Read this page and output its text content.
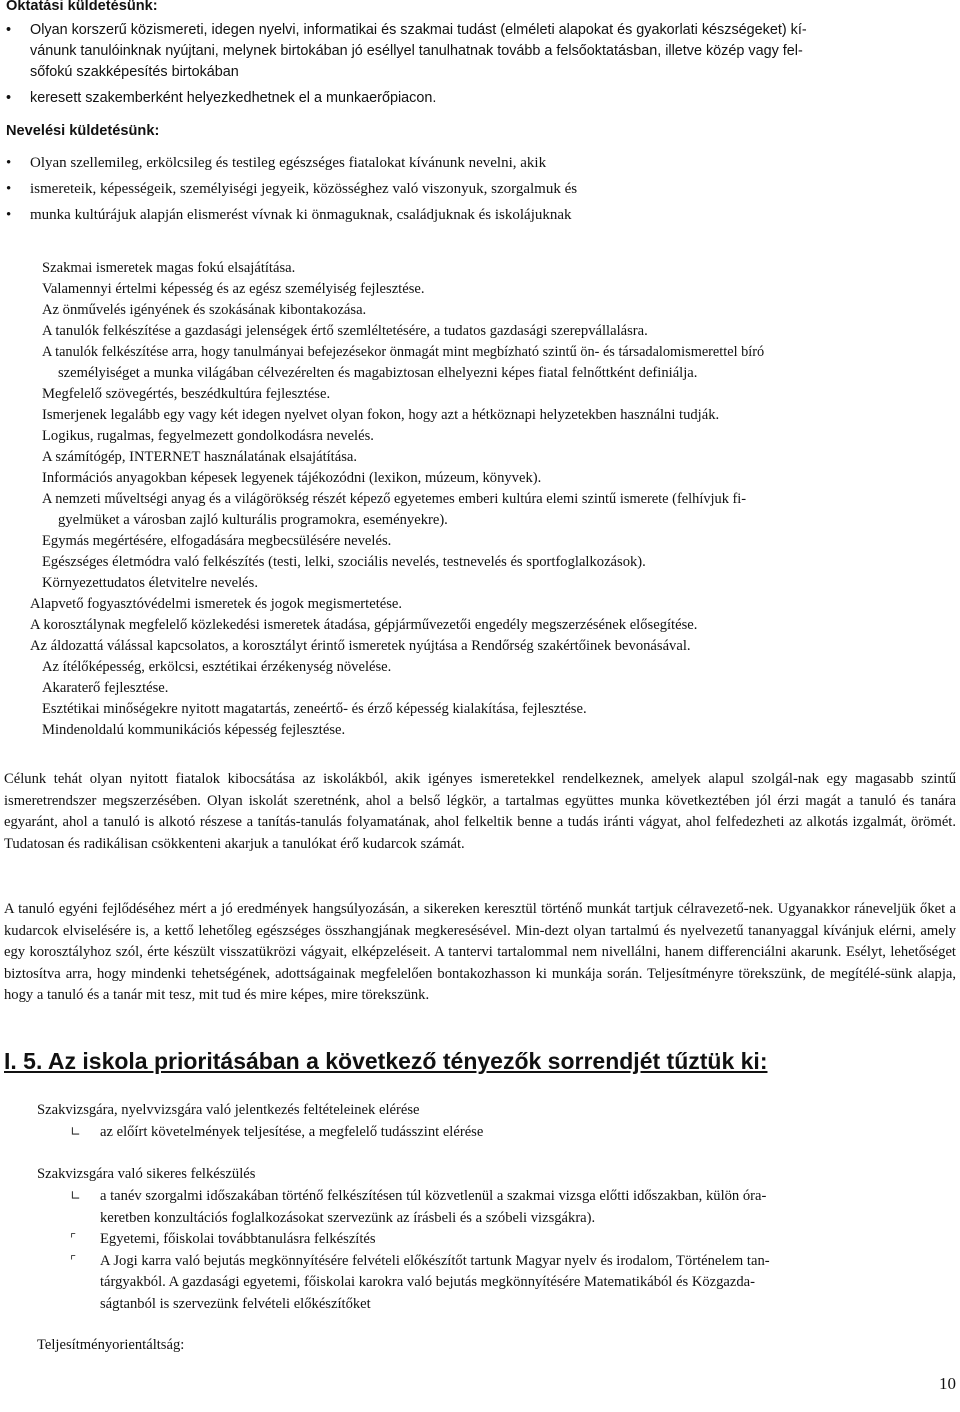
Oktatási küldetésünk:
• Olyan korszerű közismereti, idegen nyelvi, informatikai és szakmai tudást (elméleti alapokat és gyakorlati készségeket) kí-
vánunk tanulóinknak nyújtani, melynek birtokában jó eséllyel tanulhatnak tovább a felsőoktatásban, illetve közép vagy fel-
sőfokú szakképesítés birtokában
• keresett szakemberként helyezkedhetnek el a munkaerőpiacon.
Nevelési küldetésünk:
• Olyan szellemileg, erkölcsileg és testileg egészséges fiatalokat kívánunk nevelni, akik
• ismereteik, képességeik, személyiségi jegyeik, közösséghez való viszonyuk, szorgalmuk és
• munka kultúrájuk alapján elismerést vívnak ki önmaguknak, családjuknak és iskolájuknak
Szakmai ismeretek magas fokú elsajátítása.
Valamennyi értelmi képesség és az egész személyiség fejlesztése.
Az önművelés igényének és szokásának kibontakozása.
A tanulók felkészítése a gazdasági jelenségek értő szemléltetésére, a tudatos gazdasági szerepvállalásra.
A tanulók felkészítése arra, hogy tanulmányai befejezésekor önmagát mint megbízható szintű ön- és társadalomismerettel bíró
személyiséget a munka világában célvezérelten és magabiztosan elhelyezni képes fiatal felnőttként definiálja.
Megfelelő szövegértés, beszédkultúra fejlesztése.
Ismerjenek legalább egy vagy két idegen nyelvet olyan fokon, hogy azt a hétköznapi helyzetekben használni tudják.
Logikus, rugalmas, fegyelmezett gondolkodásra nevelés.
A számítógép, INTERNET használatának elsajátítása.
Információs anyagokban képesek legyenek tájékozódni (lexikon, múzeum, könyvek).
A nemzeti műveltségi anyag és a világörökség részét képező egyetemes emberi kultúra elemi szintű ismerete (felhívjuk fi-
gyelmüket a városban zajló kulturális programokra, eseményekre).
Egymás megértésére, elfogadására megbecsülésére nevelés.
Egészséges életmódra való felkészítés (testi, lelki, szociális nevelés, testnevelés és sportfoglalkozások).
Környezettudatos életvitelre nevelés.
Alapvető fogyasztóvédelmi ismeretek és jogok megismertetése.
A korosztálynak megfelelő közlekedési ismeretek átadása, gépjárművezetői engedély megszerzésének elősegítése.
Az áldozattá válással kapcsolatos, a korosztályt érintő ismeretek nyújtása a Rendőrség szakértőinek bevonásával.
Az ítélőképesség, erkölcsi, esztétikai érzékenység növelése.
Akaraterő fejlesztése.
Esztétikai minőségekre nyitott magatartás, zeneértő- és érző képesség kialakítása, fejlesztése.
Mindenoldalú kommunikációs képesség fejlesztése.

Célunk tehát olyan nyitott fiatalok kibocsátása az iskolákból, akik igényes ismeretekkel rendelkeznek, amelyek alapul szolgál-nak egy magasabb szintű ismeretrendszer megszerzésében. Olyan iskolát szeretnénk, ahol a belső légkör, a tartalmas együttes munka következtében jól érzi magát a tanuló és tanára egyaránt, ahol a tanuló is alkotó részese a tanítás-tanulás folyamatának, ahol felkeltik benne a tudás iránti vágyat, ahol felfedezheti az alkotás izgalmát, örömét. Tudatosan és radikálisan csökkenteni akarjuk a tanulókat érő kudarcok számát.

A tanuló egyéni fejlődéséhez mért a jó eredmények hangsúlyozásán, a sikereken keresztül történő munkát tartjuk célravezető-nek. Ugyanakkor ráneveljük őket a kudarcok elviselésére is, a kettő lehetőleg egészséges összhangjának megkeresésével. Min-dezt olyan tartalmú és nyelvezetű tananyaggal kívánjuk elérni, amely egy korosztályhoz szól, érte készült visszatükrözi vágyait, elképzeléseit. A tantervi tartalommal nem nivellálni, hanem differenciálni akarunk. Esélyt, lehetőséget biztosítva arra, hogy mindenki tehetségének, adottságainak megfelelően bontakozhasson ki munkája során. Teljesítményre törekszünk, de megítélé-sünk alapja, hogy a tanuló és a tanár mit tesz, mit tud és mire képes, mire törekszünk.

I. 5. Az iskola prioritásában a következő tényezők sorrendjét tűztük ki:
Szakvizsgára, nyelvvizsgára való jelentkezés feltételeinek elérése
∟ az előírt követelmények teljesítése, a megfelelő tudásszint elérése
Szakvizsgára való sikeres felkészülés
∟ a tanév szorgalmi időszakában történő felkészítésen túl közvetlenül a szakmai vizsga előtti időszakban, külön óra-
keretben konzultációs foglalkozásokat szervezünk az írásbeli és a szóbeli vizsgákra).
⌜ Egyetemi, főiskolai továbbtanulásra felkészítés
⌜ A Jogi karra való bejutás megkönnyítésére felvételi előkészítőt tartunk Magyar nyelv és irodalom, Történelem tan-
tárgyakból. A gazdasági egyetemi, főiskolai karokra való bejutás megkönnyítésére Matematikából és Közgazda-
ságtanból is szervezünk felvételi előkészítőket
Teljesítményorientáltság:
10
